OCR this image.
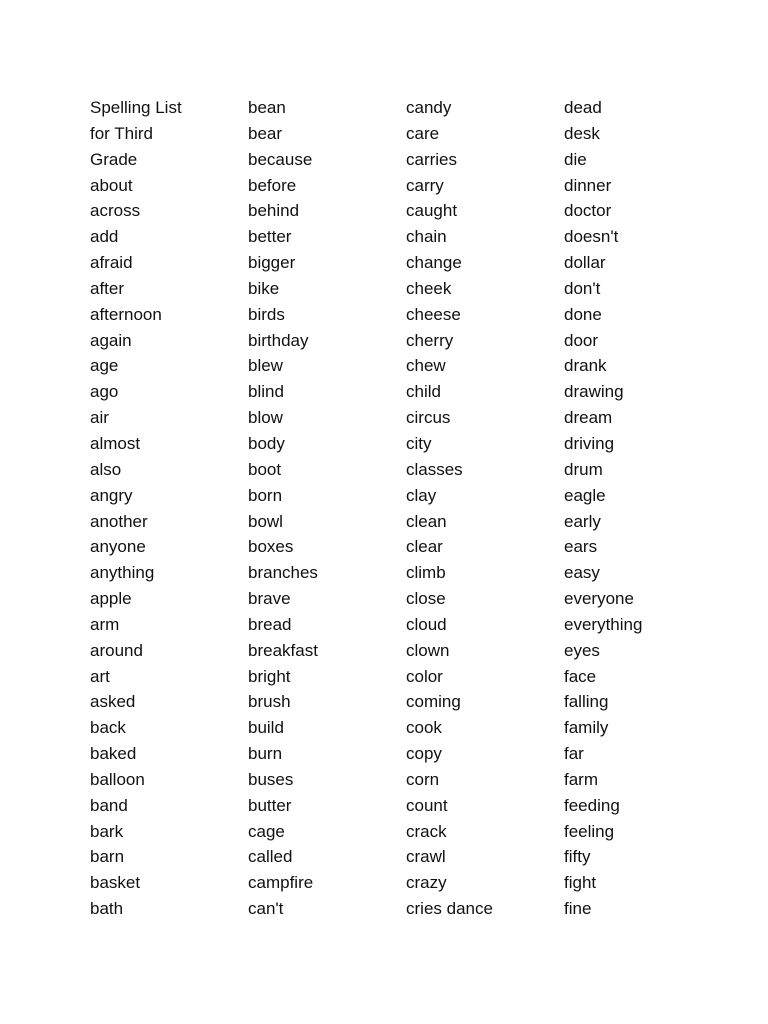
Spelling List
for Third
Grade
about
across
add
afraid
after
afternoon
again
age
ago
air
almost
also
angry
another
anyone
anything
apple
arm
around
art
asked
back
baked
balloon
band
bark
barn
basket
bath
bean
bear
because
before
behind
better
bigger
bike
birds
birthday
blew
blind
blow
body
boot
born
bowl
boxes
branches
brave
bread
breakfast
bright
brush
build
burn
buses
butter
cage
called
campfire
can't
candy
care
carries
carry
caught
chain
change
cheek
cheese
cherry
chew
child
circus
city
classes
clay
clean
clear
climb
close
cloud
clown
color
coming
cook
copy
corn
count
crack
crawl
crazy
cries dance
dead
desk
die
dinner
doctor
doesn't
dollar
don't
done
door
drank
drawing
dream
driving
drum
eagle
early
ears
easy
everyone
everything
eyes
face
falling
family
far
farm
feeding
feeling
fifty
fight
fine
